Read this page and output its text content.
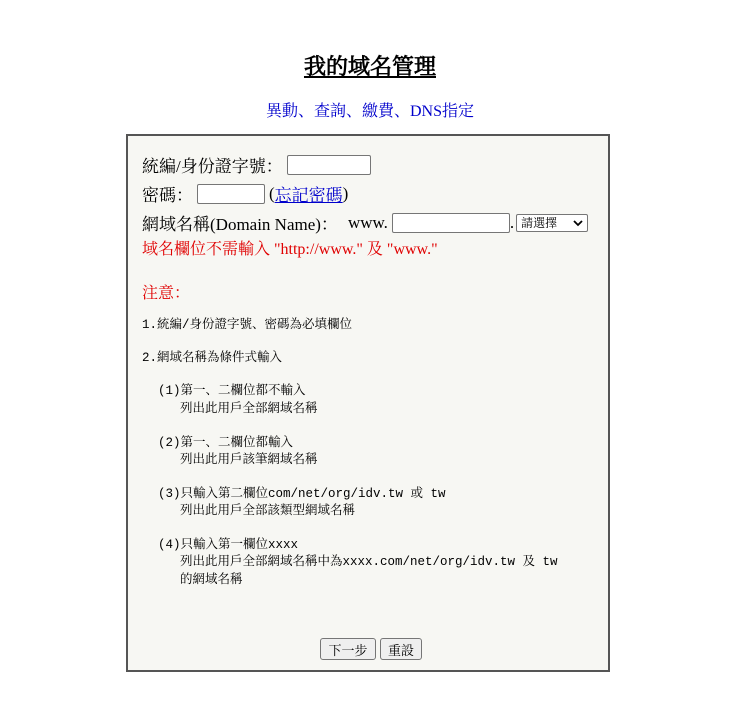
我的域名管理
異動、查詢、繳費、DNS指定
統編/身份證字號：
密碼：	( 忘記密碼 )
網域名稱(Domain Name)： www.	. 請選擇
域名欄位不需輸入 "http://www." 及 "www."
注意：
1.統編/身份證字號、密碼為必填欄位
2.網域名稱為條件式輸入
(1)第一、二欄位都不輸入
列出此用戶全部網域名稱
(2)第一、二欄位都輸入
列出此用戶該筆網域名稱
(3)只輸入第二欄位com/net/org/idv.tw 或 tw
列出此用戶全部該類型網域名稱
(4)只輸入第一欄位xxxx
列出此用戶全部網域名稱中為xxxx.com/net/org/idv.tw 及 tw
的網域名稱
下一步	重設
